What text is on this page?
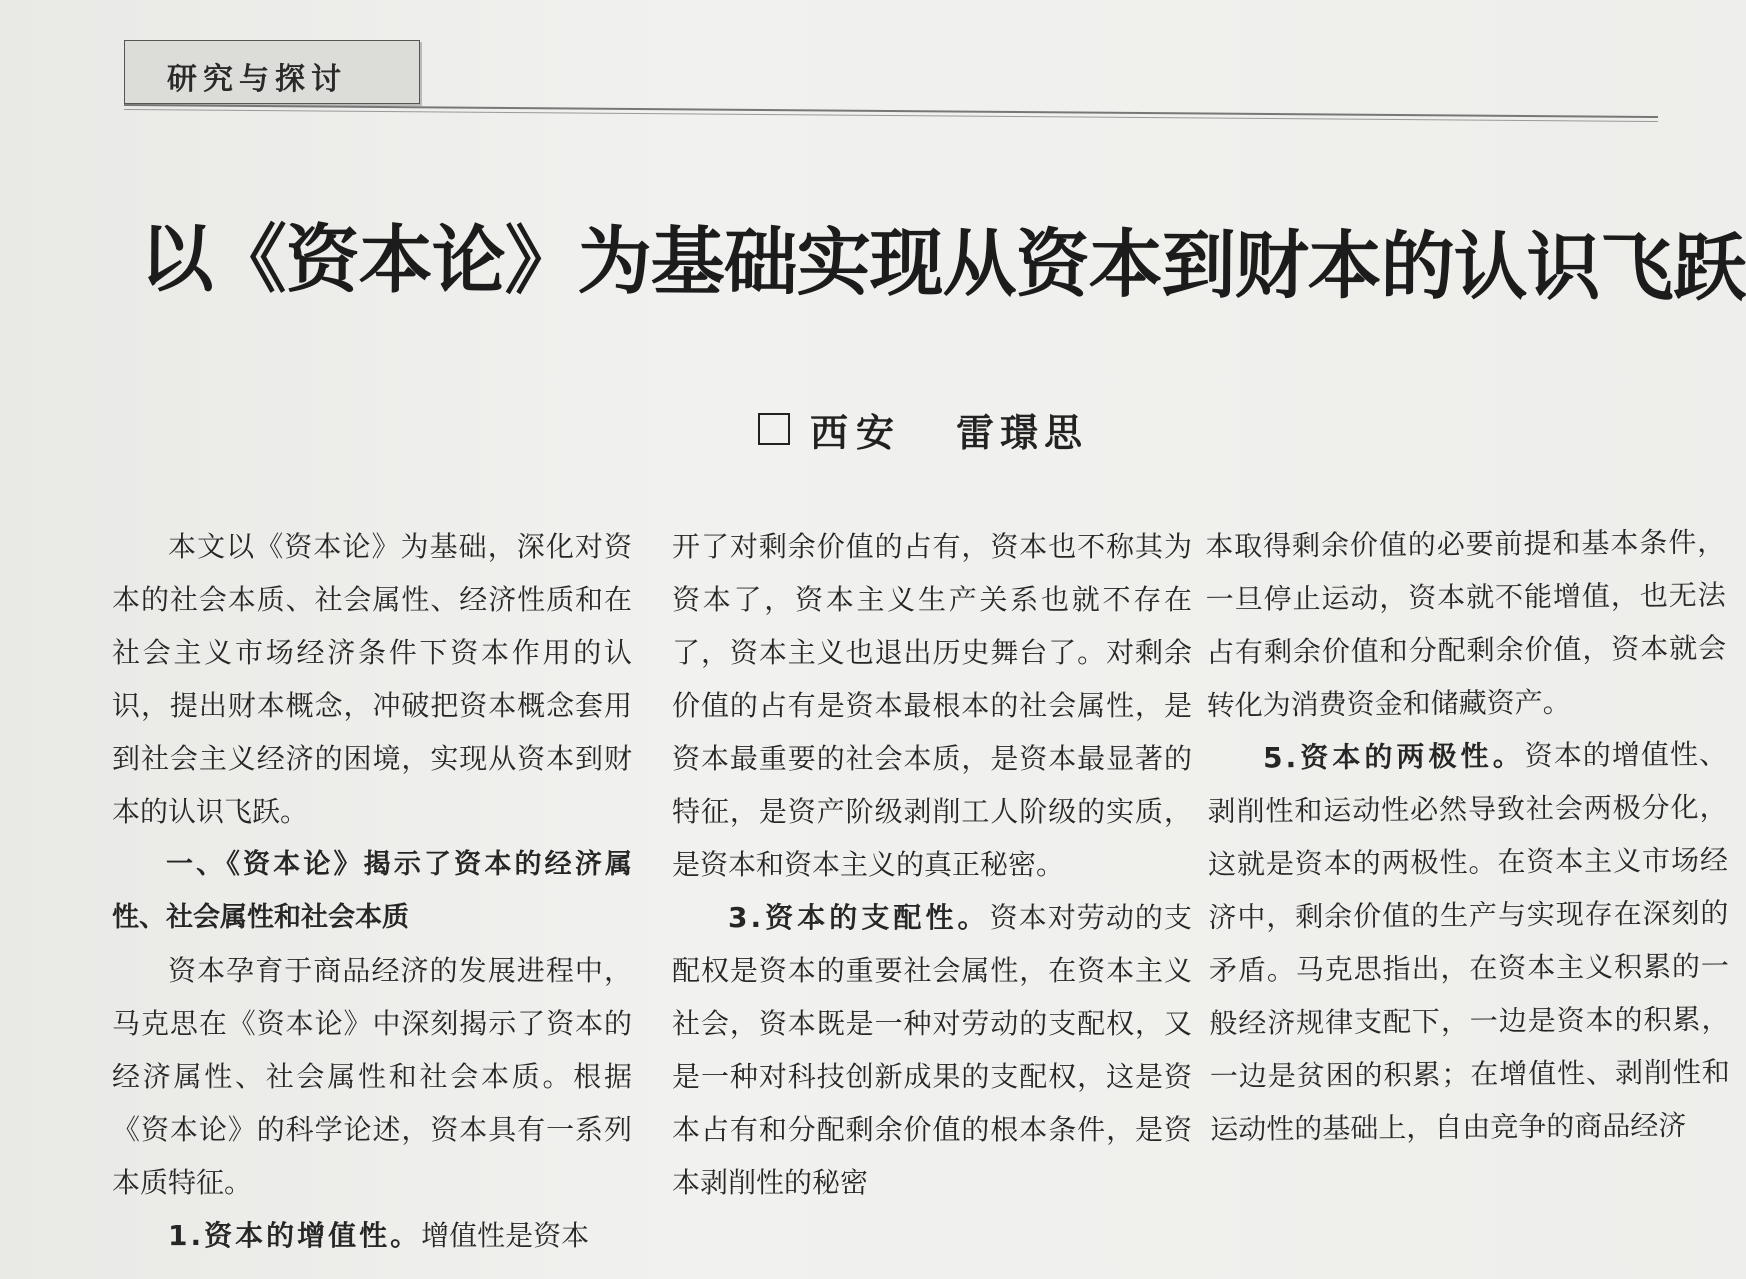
研究与探讨
以《资本论》为基础实现从资本到财本的认识飞跃
西安 雷璟思

本文以《资本论》为基础，深化对资本的社会本质、社会属性、经济性质和在社会主义市场经济条件下资本作用的认识，提出财本概念，冲破把资本概念套用到社会主义经济的困境，实现从资本到财本的认识飞跃。

一、《资本论》揭示了资本的经济属性、社会属性和社会本质

资本孕育于商品经济的发展进程中，马克思在《资本论》中深刻揭示了资本的经济属性、社会属性和社会本质。根据《资本论》的科学论述，资本具有一系列本质特征。

1.资本的增值性。增值性是资本

开了对剩余价值的占有，资本也不称其为资本了，资本主义生产关系也就不存在了，资本主义也退出历史舞台了。对剩余价值的占有是资本最根本的社会属性，是资本最重要的社会本质，是资本最显著的特征，是资产阶级剥削工人阶级的实质，是资本和资本主义的真正秘密。

3.资本的支配性。资本对劳动的支配权是资本的重要社会属性，在资本主义社会，资本既是一种对劳动的支配权，又是一种对科技创新成果的支配权，这是资本占有和分配剩余价值的根本条件，是资本剥削性的秘密

本取得剩余价值的必要前提和基本条件，一旦停止运动，资本就不能增值，也无法占有剩余价值和分配剩余价值，资本就会转化为消费资金和储藏资产。

5.资本的两极性。资本的增值性、剥削性和运动性必然导致社会两极分化，这就是资本的两极性。在资本主义市场经济中，剩余价值的生产与实现存在深刻的矛盾。马克思指出，在资本主义积累的一般经济规律支配下，一边是资本的积累，一边是贫困的积累；在增值性、剥削性和运动性的基础上，自由竞争的商品经济
